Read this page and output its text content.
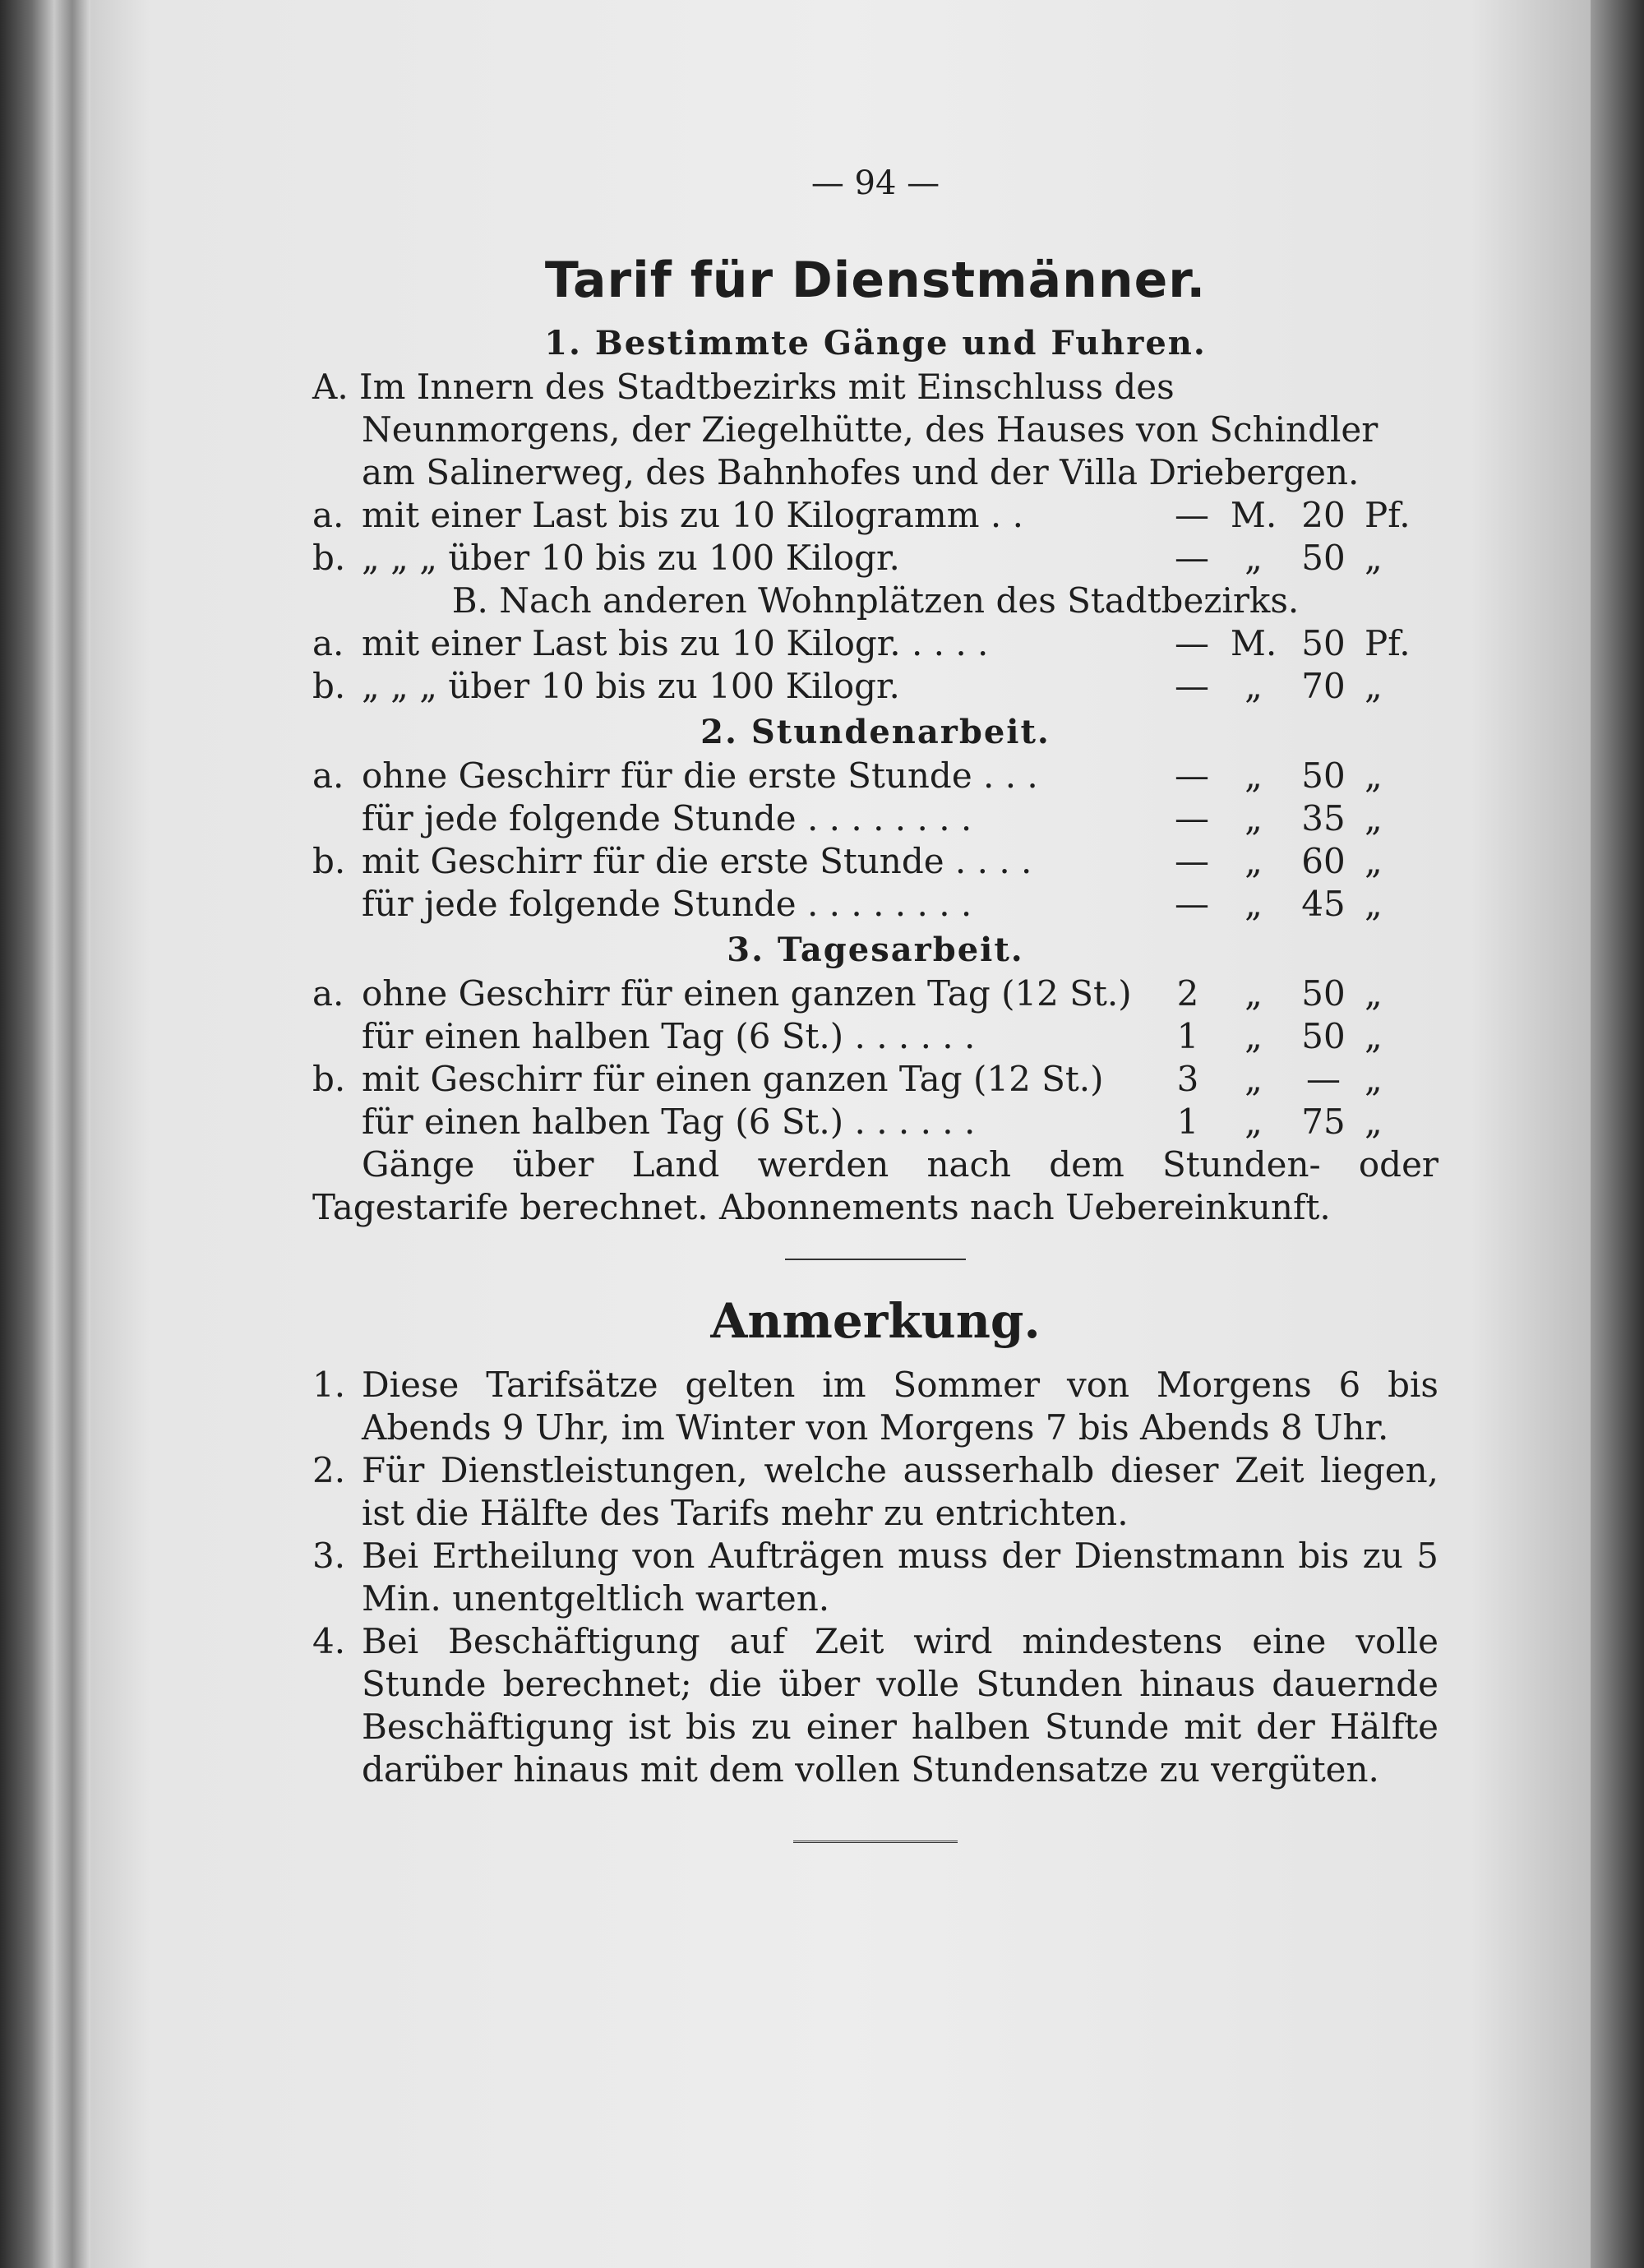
— 94 —
Tarif für Dienstmänner.
1. Bestimmte Gänge und Fuhren.

A. Im Innern des Stadtbezirks mit Einschluss des Neunmorgens, der Ziegelhütte, des Hauses von Schindler am Salinerweg, des Bahnhofes und der Villa Driebergen.

a. mit einer Last bis zu 10 Kilogramm . .	— M. 20 Pf.
b. „ „ „ über 10 bis zu 100 Kilogr.	—	„	50 „

B. Nach anderen Wohnplätzen des Stadtbezirks.

a. mit einer Last bis zu 10 Kilogr. . . . .	— M. 50 Pf.
b. „ „ „ über 10 bis zu 100 Kilogr.	—	„	70 „
2. Stundenarbeit.
a. ohne Geschirr für die erste Stunde . . .	—	„	50 „
für jede folgende Stunde . . . . . . . .	—	„	35 „
b. mit Geschirr für die erste Stunde . . . .	—	„	60 „
für jede folgende Stunde . . . . . . . .	—	„	45 „
3. Tagesarbeit.
a. ohne Geschirr für einen ganzen Tag (12 St.)	2	„	50 „
für einen halben Tag (6 St.) . . . . . .	1	„	50 „
b. mit Geschirr für einen ganzen Tag (12 St.)	3	„	— „
für einen halben Tag (6 St.) . . . . . .	1	„	75 „

Gänge über Land werden nach dem Stunden- oder Tagestarife berechnet. Abonnements nach Uebereinkunft.

Anmerkung.
1. Diese Tarifsätze gelten im Sommer von Morgens 6 bis Abends 9 Uhr, im Winter von Morgens 7 bis Abends 8 Uhr.
2. Für Dienstleistungen, welche ausserhalb dieser Zeit liegen, ist die Hälfte des Tarifs mehr zu entrichten.
3. Bei Ertheilung von Aufträgen muss der Dienstmann bis zu 5 Min. unentgeltlich warten.
4. Bei Beschäftigung auf Zeit wird mindestens eine volle Stunde berechnet; die über volle Stunden hinaus dauernde Beschäftigung ist bis zu einer halben Stunde mit der Hälfte darüber hinaus mit dem vollen Stundensatze zu vergüten.
